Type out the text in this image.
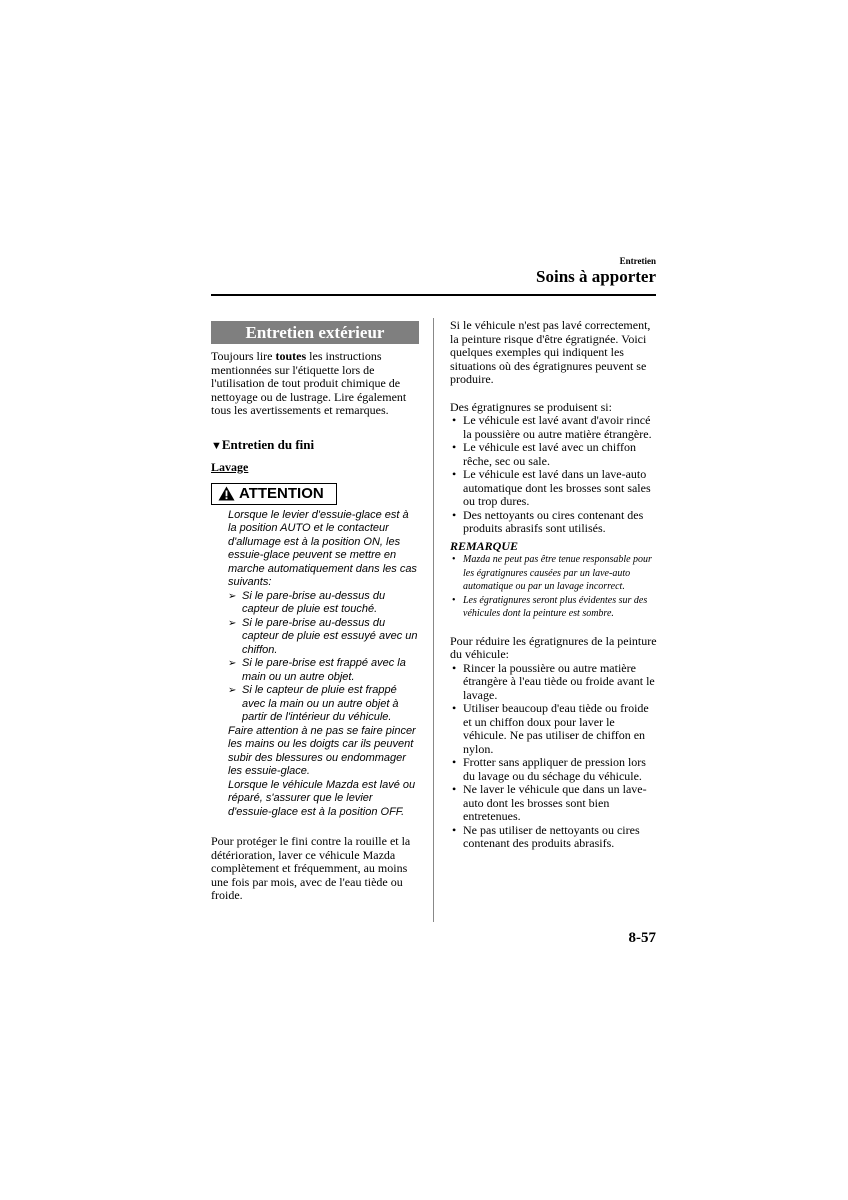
Entretien
Soins à apporter
Entretien extérieur

Toujours lire toutes les instructions mentionnées sur l'étiquette lors de l'utilisation de tout produit chimique de nettoyage ou de lustrage. Lire également tous les avertissements et remarques.

▼Entretien du fini
Lavage
ATTENTION

Lorsque le levier d'essuie-glace est à la position AUTO et le contacteur d'allumage est à la position ON, les essuie-glace peuvent se mettre en marche automatiquement dans les cas suivants:

➢ Si le pare-brise au-dessus du capteur de pluie est touché.
➢ Si le pare-brise au-dessus du capteur de pluie est essuyé avec un chiffon.
➢ Si le pare-brise est frappé avec la main ou un autre objet.
➢ Si le capteur de pluie est frappé avec la main ou un autre objet à partir de l'intérieur du véhicule.

Faire attention à ne pas se faire pincer les mains ou les doigts car ils peuvent subir des blessures ou endommager les essuie-glace.

Lorsque le véhicule Mazda est lavé ou réparé, s'assurer que le levier d'essuie-glace est à la position OFF.

Pour protéger le fini contre la rouille et la détérioration, laver ce véhicule Mazda complètement et fréquemment, au moins une fois par mois, avec de l'eau tiède ou froide.

Si le véhicule n'est pas lavé correctement, la peinture risque d'être égratignée. Voici quelques exemples qui indiquent les situations où des égratignures peuvent se produire.

Des égratignures se produisent si:

• Le véhicule est lavé avant d'avoir rincé la poussière ou autre matière étrangère.
• Le véhicule est lavé avec un chiffon rêche, sec ou sale.
• Le véhicule est lavé dans un lave-auto automatique dont les brosses sont sales ou trop dures.
• Des nettoyants ou cires contenant des produits abrasifs sont utilisés.
REMARQUE
• Mazda ne peut pas être tenue responsable pour les égratignures causées par un lave-auto automatique ou par un lavage incorrect.
• Les égratignures seront plus évidentes sur des véhicules dont la peinture est sombre.

Pour réduire les égratignures de la peinture du véhicule:

• Rincer la poussière ou autre matière étrangère à l'eau tiède ou froide avant le lavage.
• Utiliser beaucoup d'eau tiède ou froide et un chiffon doux pour laver le véhicule. Ne pas utiliser de chiffon en nylon.
• Frotter sans appliquer de pression lors du lavage ou du séchage du véhicule.
• Ne laver le véhicule que dans un lave-auto dont les brosses sont bien entretenues.
• Ne pas utiliser de nettoyants ou cires contenant des produits abrasifs.
8-57
